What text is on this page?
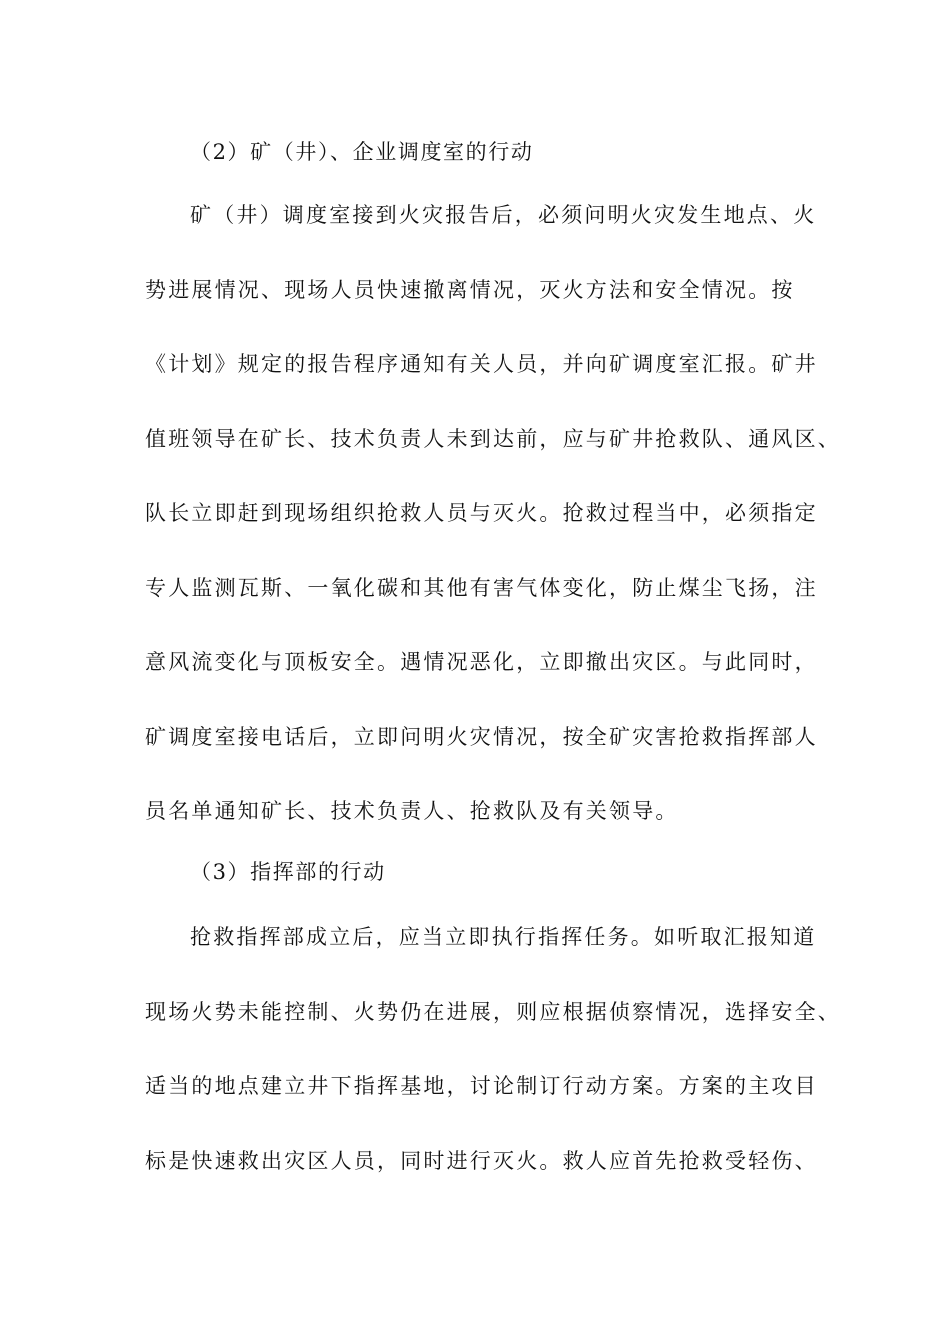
（2）矿（井）、企业调度室的行动
矿（井）调度室接到火灾报告后，必须问明火灾发生地点、火
势进展情况、现场人员快速撤离情况，灭火方法和安全情况。按
《计划》规定的报告程序通知有关人员，并向矿调度室汇报。矿井
值班领导在矿长、技术负责人未到达前，应与矿井抢救队、通风区、
队长立即赶到现场组织抢救人员与灭火。抢救过程当中，必须指定
专人监测瓦斯、一氧化碳和其他有害气体变化，防止煤尘飞扬，注
意风流变化与顶板安全。遇情况恶化，立即撤出灾区。与此同时，
矿调度室接电话后，立即问明火灾情况，按全矿灾害抢救指挥部人
员名单通知矿长、技术负责人、抢救队及有关领导。
（3）指挥部的行动
抢救指挥部成立后，应当立即执行指挥任务。如听取汇报知道
现场火势未能控制、火势仍在进展，则应根据侦察情况，选择安全、
适当的地点建立井下指挥基地，讨论制订行动方案。方案的主攻目
标是快速救出灾区人员，同时进行灭火。救人应首先抢救受轻伤、
